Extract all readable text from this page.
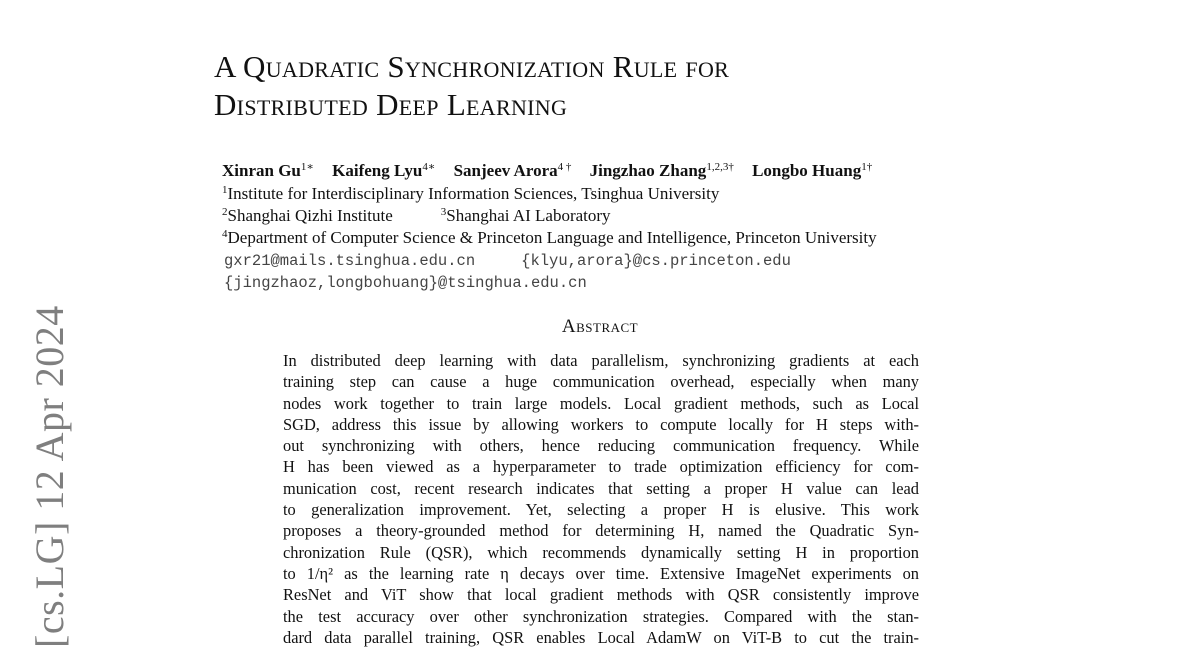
[cs.LG] 12 Apr 2024
A Quadratic Synchronization Rule for
Distributed Deep Learning
Xinran $Gu^{1∗}$ Kaifeng Lyu$^{4∗}$ Sanjeev Arora$^{4 \dagger}$ Jingzhao Zhang$^{1,2,3\dagger}$ Longbo Huang$^{1\dagger}$
$^1$Institute for Interdisciplinary Information Sciences, Tsinghua University
$^2$Shanghai Qizhi Institute	$^3$Shanghai AI Laboratory
$^4$Department of Computer Science & Princeton Language and Intelligence, Princeton University
gxr21@mails.tsinghua.edu.cn	{klyu,arora}@cs.princeton.edu
{jingzhaoz,longbohuang}@tsinghua.edu.cn
Abstract
In distributed deep learning with data parallelism, synchronizing gradients at each
training step can cause a huge communication overhead, especially when many
nodes work together to train large models. Local gradient methods, such as Local
SGD, address this issue by allowing workers to compute locally for H steps with-
out synchronizing with others, hence reducing communication frequency. While
H has been viewed as a hyperparameter to trade optimization efficiency for com-
munication cost, recent research indicates that setting a proper H value can lead
to generalization improvement. Yet, selecting a proper H is elusive. This work
proposes a theory-grounded method for determining H, named the Quadratic Syn-
chronization Rule (QSR), which recommends dynamically setting H in proportion
to 1/η² as the learning rate η decays over time. Extensive ImageNet experiments on
ResNet and ViT show that local gradient methods with QSR consistently improve
the test accuracy over other synchronization strategies. Compared with the stan-
dard data parallel training, QSR enables Local AdamW on ViT-B to cut the train-
